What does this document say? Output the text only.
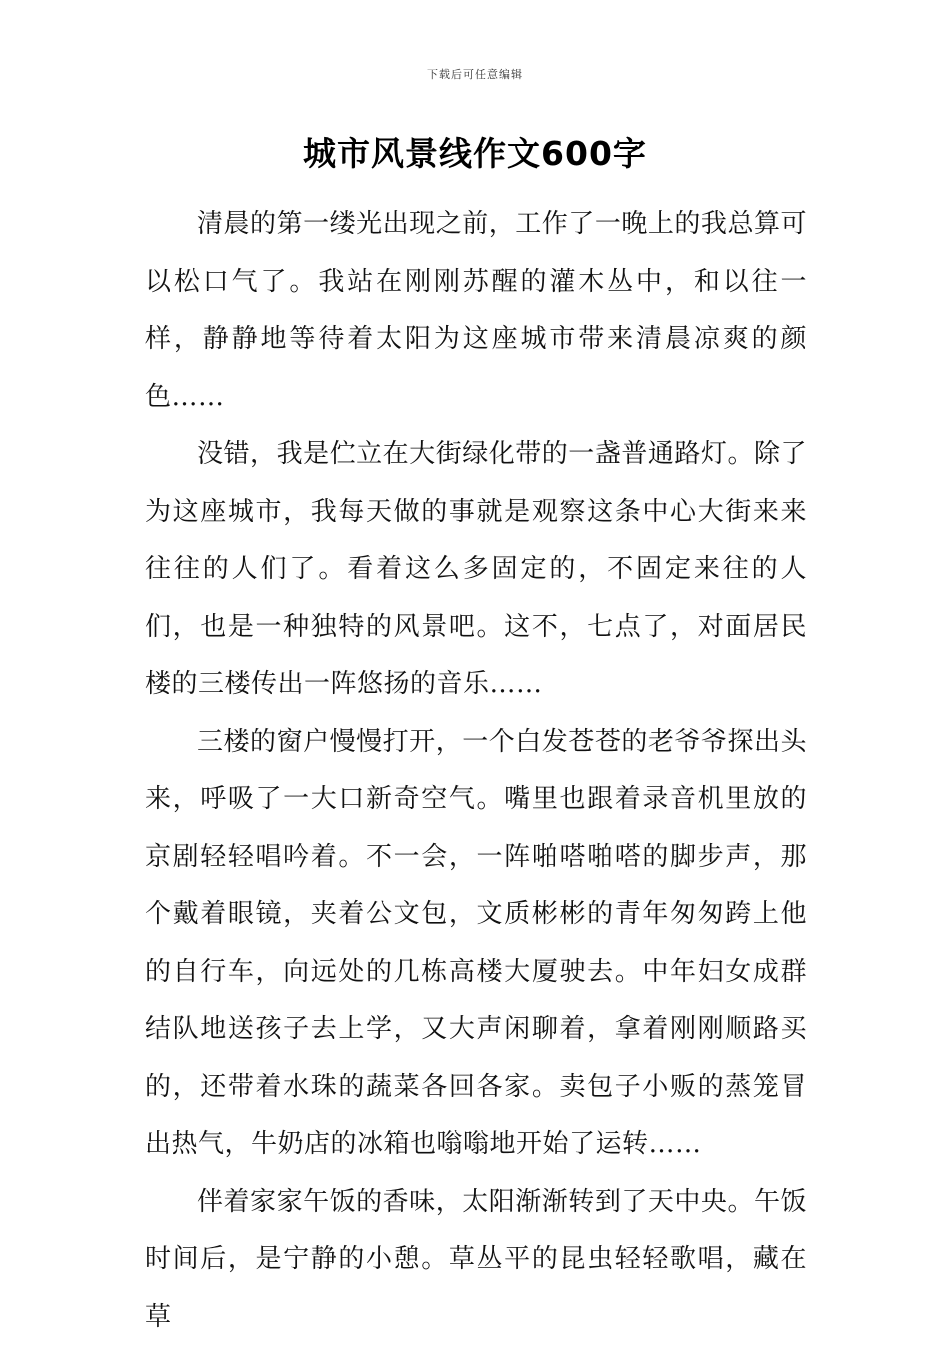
下载后可任意编辑
城市风景线作文600字

清晨的第一缕光出现之前，工作了一晚上的我总算可以松口气了。我站在刚刚苏醒的灌木丛中，和以往一样，静静地等待着太阳为这座城市带来清晨凉爽的颜色……

没错，我是伫立在大街绿化带的一盏普通路灯。除了为这座城市，我每天做的事就是观察这条中心大街来来往往的人们了。看着这么多固定的，不固定来往的人们，也是一种独特的风景吧。这不，七点了，对面居民楼的三楼传出一阵悠扬的音乐……

三楼的窗户慢慢打开，一个白发苍苍的老爷爷探出头来，呼吸了一大口新奇空气。嘴里也跟着录音机里放的京剧轻轻唱吟着。不一会，一阵啪嗒啪嗒的脚步声，那个戴着眼镜，夹着公文包，文质彬彬的青年匆匆跨上他的自行车，向远处的几栋高楼大厦驶去。中年妇女成群结队地送孩子去上学，又大声闲聊着，拿着刚刚顺路买的，还带着水珠的蔬菜各回各家。卖包子小贩的蒸笼冒出热气，牛奶店的冰箱也嗡嗡地开始了运转……

伴着家家午饭的香味，太阳渐渐转到了天中央。午饭时间后，是宁静的小憩。草丛平的昆虫轻轻歌唱，藏在草
